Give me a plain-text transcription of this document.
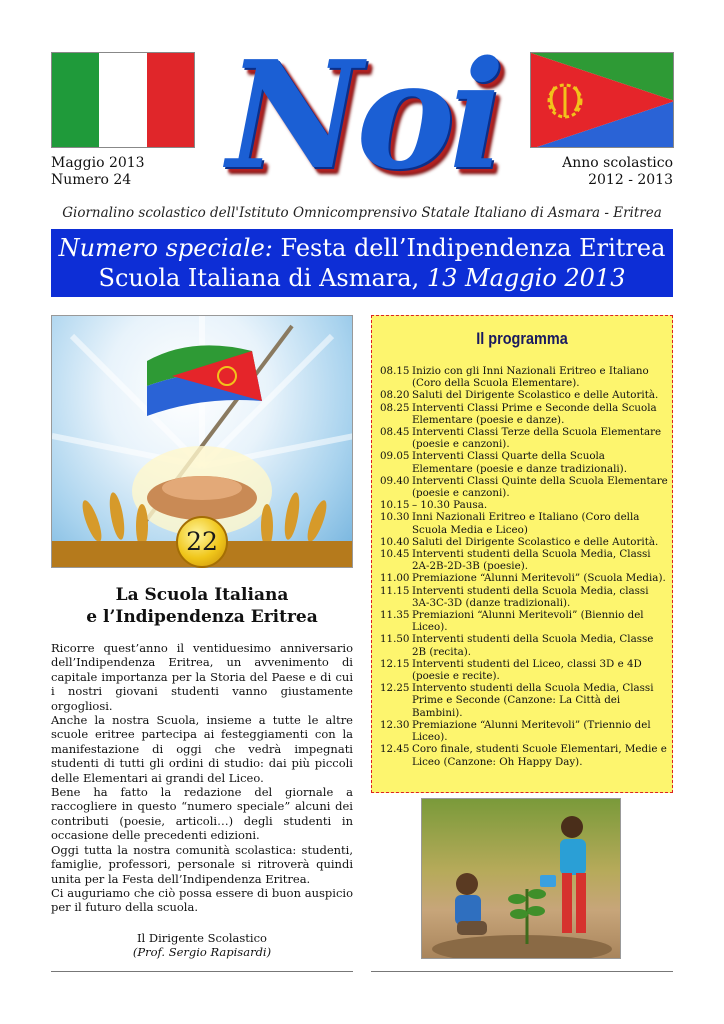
Noi
Maggio 2013
Numero 24
Anno scolastico
2012 - 2013
Giornalino scolastico dell'Istituto Omnicomprensivo Statale Italiano di Asmara - Eritrea
Numero speciale: Festa dell’Indipendenza Eritrea
Scuola Italiana di Asmara, 13 Maggio 2013
22
La Scuola Italiana
e l’Indipendenza Eritrea

Ricorre quest’anno il ventiduesimo anniversario dell’Indipendenza Eritrea, un avvenimento di capitale importanza per la Storia del Paese e di cui i nostri giovani studenti vanno giustamente orgogliosi.

Anche la nostra Scuola, insieme a tutte le altre scuole eritree partecipa ai festeggiamenti con la manifestazione di oggi che vedrà impegnati studenti di tutti gli ordini di studio: dai più piccoli delle Elementari ai grandi del Liceo.

Bene ha fatto la redazione del giornale a raccogliere in questo “numero speciale” alcuni dei contributi (poesie, articoli…) degli studenti in occasione delle precedenti edizioni.

Oggi tutta la nostra comunità scolastica: studenti, famiglie, professori, personale si ritroverà quindi unita per la Festa dell’Indipendenza Eritrea.

Ci auguriamo che ciò possa essere di buon auspicio per il futuro della scuola.

Il Dirigente Scolastico
(Prof. Sergio Rapisardi)
Il programma
08.15 Inizio con gli Inni Nazionali Eritreo e Italiano (Coro della Scuola Elementare).
08.20 Saluti del Dirigente Scolastico e delle Autorità.
08.25 Interventi Classi Prime e Seconde della Scuola Elementare (poesie e danze).
08.45 Interventi Classi Terze della Scuola Elementare (poesie e canzoni).
09.05 Interventi Classi Quarte della Scuola Elementare (poesie e danze tradizionali).
09.40 Interventi Classi Quinte della Scuola Elementare (poesie e canzoni).
10.15 – 10.30 Pausa.
10.30 Inni Nazionali Eritreo e Italiano (Coro della Scuola Media e Liceo)
10.40 Saluti del Dirigente Scolastico e delle Autorità.
10.45 Interventi studenti della Scuola Media, Classi 2A-2B-2D-3B (poesie).
11.00 Premiazione “Alunni Meritevoli” (Scuola Media).
11.15 Interventi studenti della Scuola Media, classi 3A-3C-3D (danze tradizionali).
11.35 Premiazioni “Alunni Meritevoli” (Biennio del Liceo).
11.50 Interventi studenti della Scuola Media, Classe 2B (recita).
12.15 Interventi studenti del Liceo, classi 3D e 4D (poesie e recite).
12.25 Intervento studenti della Scuola Media, Classi Prime e Seconde (Canzone: La Città dei Bambini).
12.30 Premiazione “Alunni Meritevoli” (Triennio del Liceo).
12.45 Coro finale, studenti Scuole Elementari, Medie e Liceo (Canzone: Oh Happy Day).
